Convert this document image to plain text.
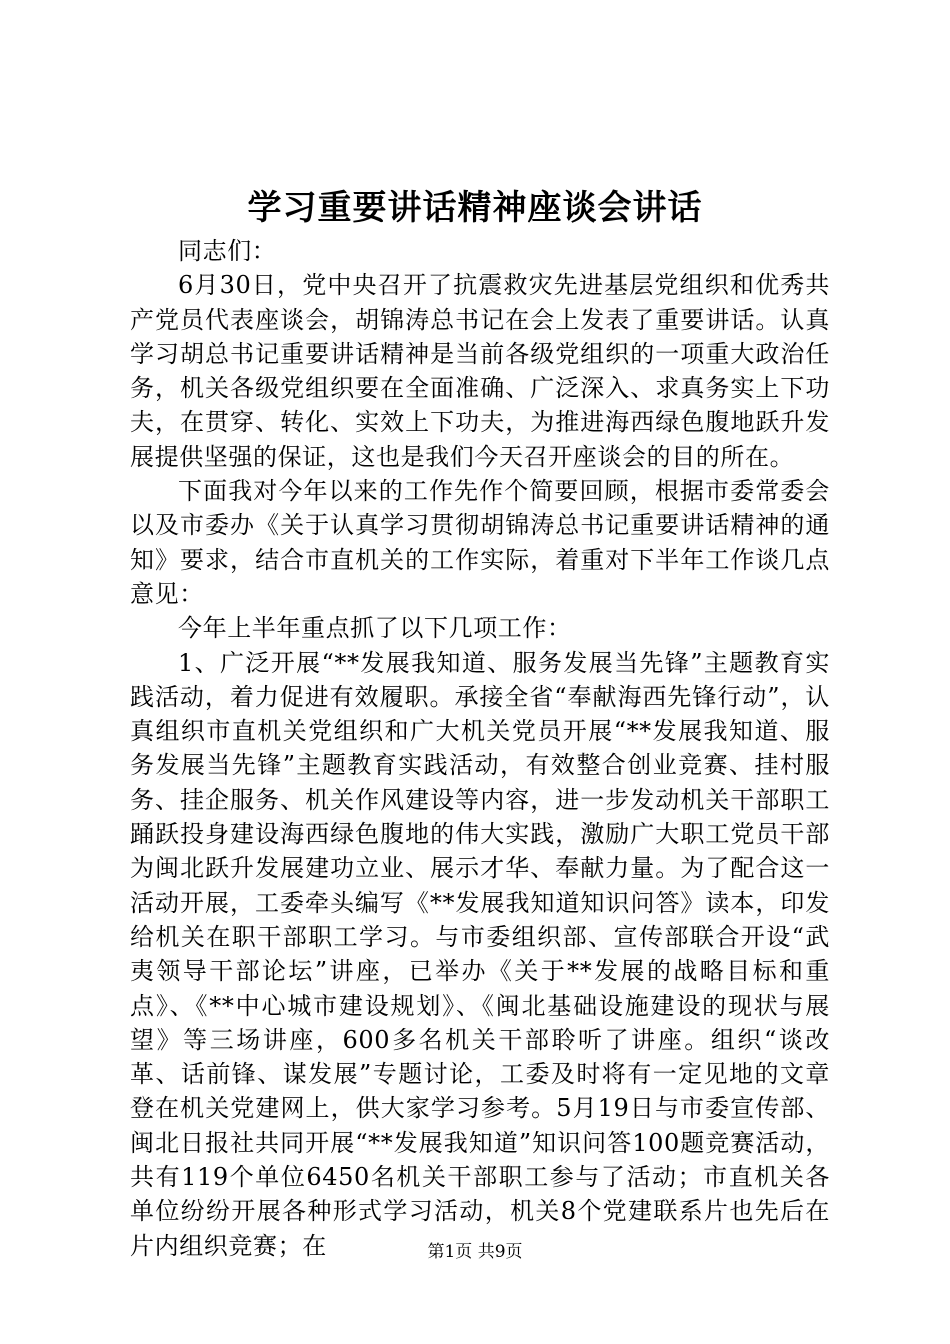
学习重要讲话精神座谈会讲话

同志们：

6月30日，党中央召开了抗震救灾先进基层党组织和优秀共产党员代表座谈会，胡锦涛总书记在会上发表了重要讲话。认真学习胡总书记重要讲话精神是当前各级党组织的一项重大政治任务，机关各级党组织要在全面准确、广泛深入、求真务实上下功夫，在贯穿、转化、实效上下功夫，为推进海西绿色腹地跃升发展提供坚强的保证，这也是我们今天召开座谈会的目的所在。

下面我对今年以来的工作先作个简要回顾，根据市委常委会以及市委办《关于认真学习贯彻胡锦涛总书记重要讲话精神的通知》要求，结合市直机关的工作实际，着重对下半年工作谈几点意见：

今年上半年重点抓了以下几项工作：

1、广泛开展“**发展我知道、服务发展当先锋”主题教育实践活动，着力促进有效履职。承接全省“奉献海西先锋行动”，认真组织市直机关党组织和广大机关党员开展“**发展我知道、服务发展当先锋”主题教育实践活动，有效整合创业竞赛、挂村服务、挂企服务、机关作风建设等内容，进一步发动机关干部职工踊跃投身建设海西绿色腹地的伟大实践，激励广大职工党员干部为闽北跃升发展建功立业、展示才华、奉献力量。为了配合这一活动开展，工委牵头编写《**发展我知道知识问答》读本，印发给机关在职干部职工学习。与市委组织部、宣传部联合开设“武夷领导干部论坛”讲座，已举办《关于**发展的战略目标和重点》、《**中心城市建设规划》、《闽北基础设施建设的现状与展望》等三场讲座，600多名机关干部聆听了讲座。组织“谈改革、话前锋、谋发展”专题讨论，工委及时将有一定见地的文章登在机关党建网上，供大家学习参考。5月19日与市委宣传部、闽北日报社共同开展“**发展我知道”知识问答100题竞赛活动，共有119个单位6450名机关干部职工参与了活动；市直机关各单位纷纷开展各种形式学习活动，机关8个党建联系片也先后在片内组织竞赛；在	第1页 共9页
